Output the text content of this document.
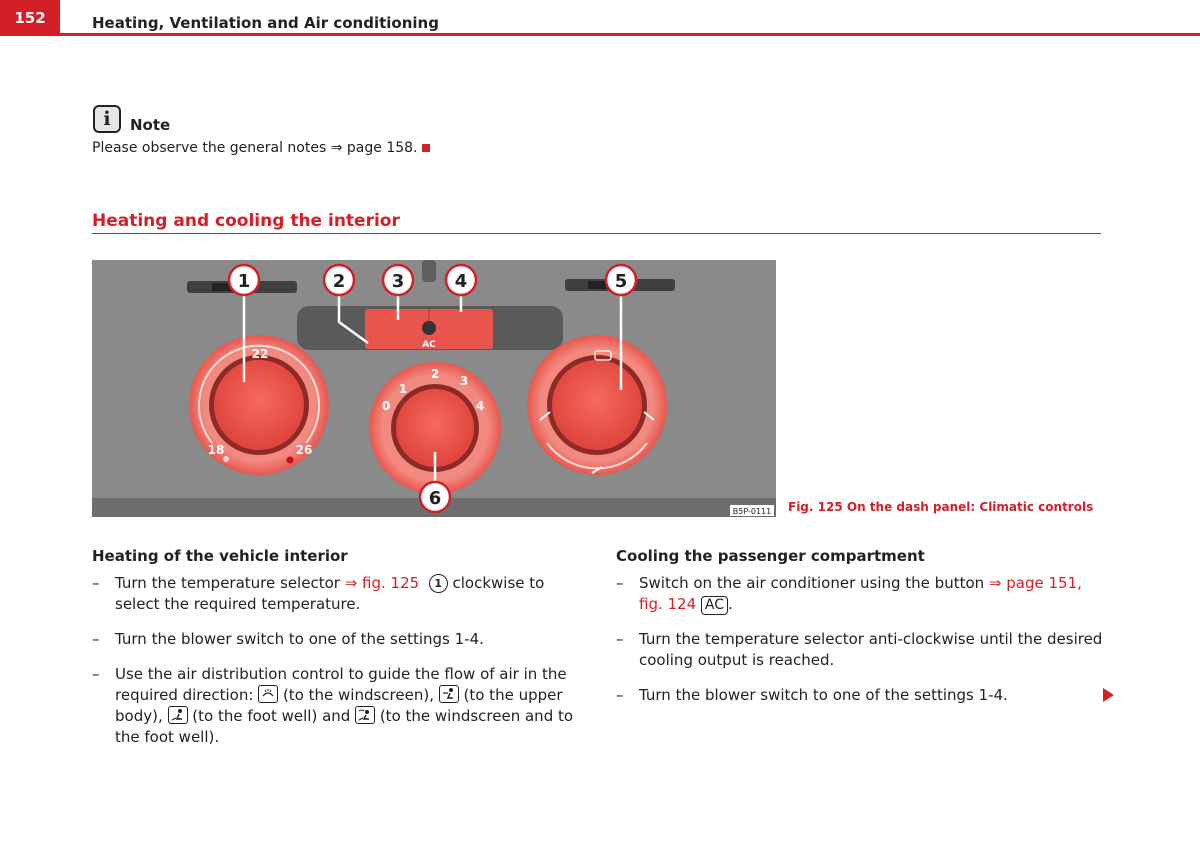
152	Heating, Ventilation and Air conditioning
i	Note
Please observe the general notes ⇒ page 158.
Heating and cooling the interior
AC
22
18	26
0
1
2 3
4
1	2	3	4	5
6
B5P-0111 Fig. 125 On the dash panel: Climatic controls
Heating of the vehicle interior
– Turn the temperature selector ⇒ fig. 125 1 clockwise to select the required temperature.
– Turn the blower switch to one of the settings 1-4.
– Use the air distribution control to guide the flow of air in the required direction:
(to the windscreen),
(to the upper body),
(to the foot well) and
(to the windscreen and to the foot well).
Cooling the passenger compartment
– Switch on the air conditioner using the button ⇒ page 151, fig. 124 AC .
– Turn the temperature selector anti-clockwise until the desired cooling output is reached.
– Turn the blower switch to one of the settings 1-4.
